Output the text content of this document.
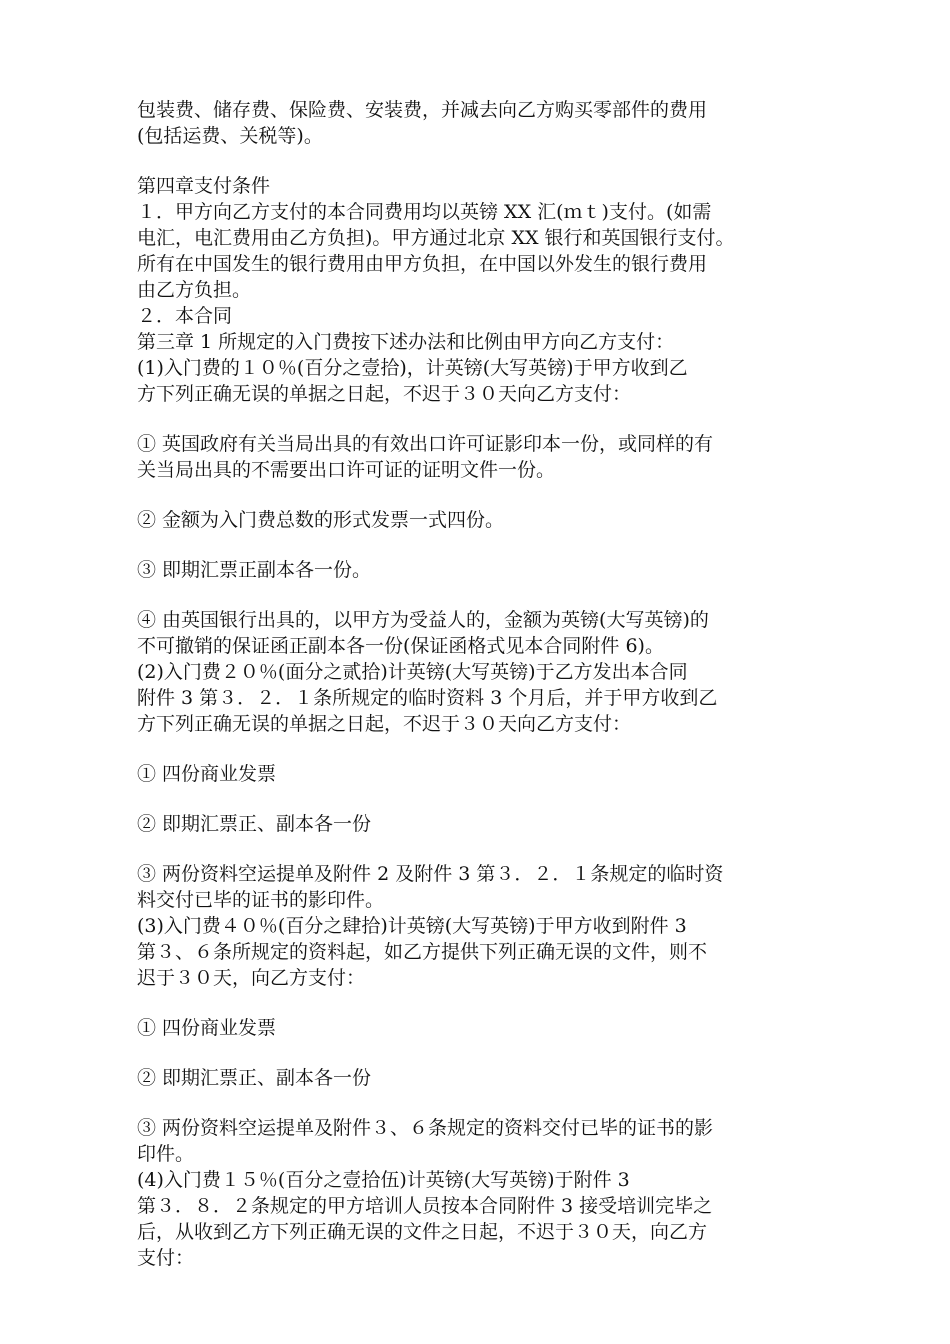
包装费、储存费、保险费、安装费，并减去向乙方购买零部件的费用
(包括运费、关税等)。
第四章支付条件
１．甲方向乙方支付的本合同费用均以英镑 XX 汇(ｍｔ)支付。(如需
电汇，电汇费用由乙方负担)。甲方通过北京 XX 银行和英国银行支付。
所有在中国发生的银行费用由甲方负担，在中国以外发生的银行费用
由乙方负担。
２．本合同
第三章 1 所规定的入门费按下述办法和比例由甲方向乙方支付：
(1)入门费的１０％(百分之壹拾)，计英镑(大写英镑)于甲方收到乙
方下列正确无误的单据之日起，不迟于３０天向乙方支付：
① 英国政府有关当局出具的有效出口许可证影印本一份，或同样的有
关当局出具的不需要出口许可证的证明文件一份。
② 金额为入门费总数的形式发票一式四份。
③ 即期汇票正副本各一份。
④ 由英国银行出具的，以甲方为受益人的，金额为英镑(大写英镑)的
不可撤销的保证函正副本各一份(保证函格式见本合同附件 6)。
(2)入门费２０％(面分之贰拾)计英镑(大写英镑)于乙方发出本合同
附件 3 第３．２．１条所规定的临时资料 3 个月后，并于甲方收到乙
方下列正确无误的单据之日起，不迟于３０天向乙方支付：
① 四份商业发票
② 即期汇票正、副本各一份
③ 两份资料空运提单及附件 2 及附件 3 第３．２．１条规定的临时资
料交付已毕的证书的影印件。
(3)入门费４０％(百分之肆拾)计英镑(大写英镑)于甲方收到附件 3
第３、６条所规定的资料起，如乙方提供下列正确无误的文件，则不
迟于３０天，向乙方支付：
① 四份商业发票
② 即期汇票正、副本各一份
③ 两份资料空运提单及附件３、６条规定的资料交付已毕的证书的影
印件。
(4)入门费１５％(百分之壹拾伍)计英镑(大写英镑)于附件 3
第３．８．２条规定的甲方培训人员按本合同附件 3 接受培训完毕之
后，从收到乙方下列正确无误的文件之日起，不迟于３０天，向乙方
支付：
